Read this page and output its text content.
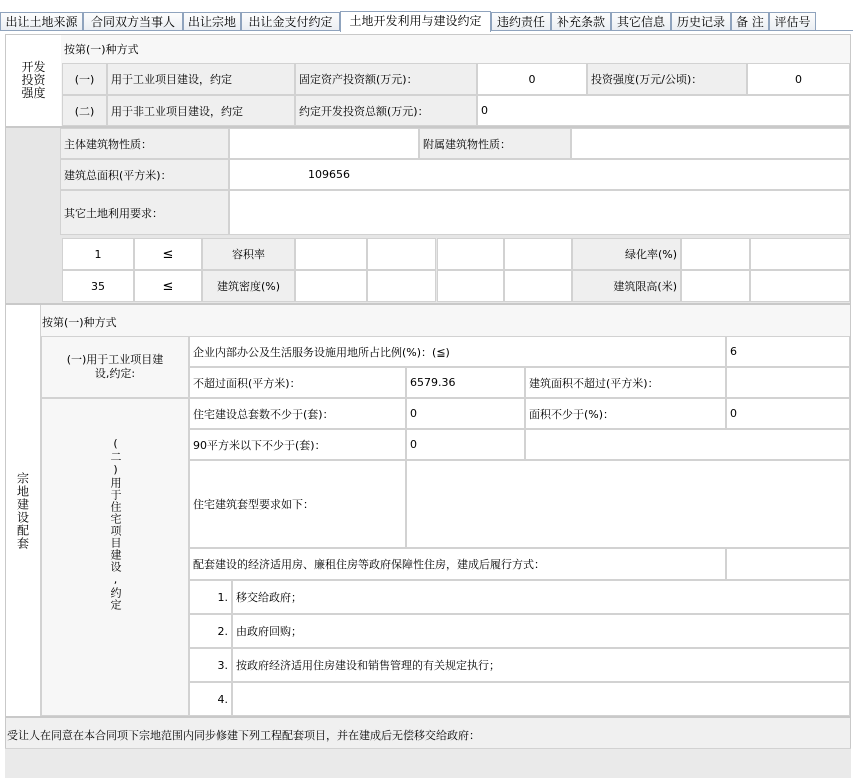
出让土地来源	合同双方当事人	出让宗地	出让金支付约定	土地开发利用与建设约定	违约责任 补充条款 其它信息 历史记录 备 注 评估号
开发投资强度
按第(一)种方式
(一)	用于工业项目建设，约定	固定资产投资额(万元)：	0	投资强度(万元/公顷)：	0
(二)	用于非工业项目建设，约定	约定开发投资总额(万元)：	0
主体建筑物性质：	附属建筑物性质：
建筑总面积(平方米)：	109656
其它土地利用要求：
1	≤	容积率	绿化率(%)
35	≤	建筑密度(%)	建筑限高(米)
宗地建设配套
按第(一)种方式
(一)用于工业项目建设,约定:
企业内部办公及生活服务设施用地所占比例(%)：(≦)	6
不超过面积(平方米)：	6579.36	建筑面积不超过(平方米)：
(二)用于住宅项目建设,约定
住宅建设总套数不少于(套)：	0	面积不少于(%)：	0
90平方米以下不少于(套)：	0
住宅建筑套型要求如下：
配套建设的经济适用房、廉租住房等政府保障性住房，建成后履行方式：
1. 移交给政府；
2. 由政府回购；
3. 按政府经济适用住房建设和销售管理的有关规定执行；
4.
受让人在同意在本合同项下宗地范围内同步修建下列工程配套项目，并在建成后无偿移交给政府：
